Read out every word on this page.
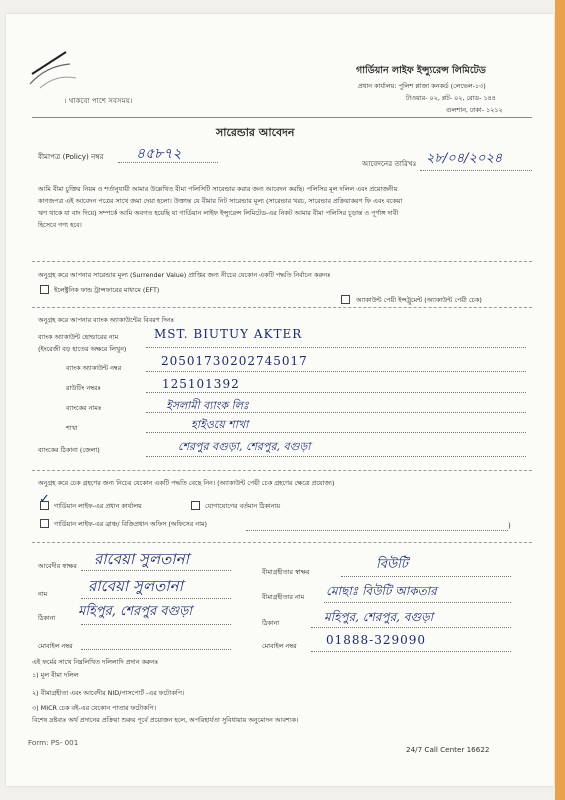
। থাকবো পাশে সবসময়।
গার্ডিয়ান লাইফ ইন্স্যুরেন্স লিমিটেড
প্রধান কার্যালয়: পুলিশ প্লাজা কনকর্ড (লেভেল-১৩)
টাওয়ার- ০২, প্লট- ০২, রোড- ১৪৪
গুলশান, ঢাকা- ১২১২
সারেন্ডার আবেদন
বীমাপত্র (Policy) নম্বর ৪৫৮৭২
আবেদনের তারিখঃ ২৮/০৪/২০২৪
আমি বীমা চুক্তির নিয়ম ও শর্তানুযায়ী আমার উল্লেখিত বীমা পলিসিটি সারেন্ডার করার জন্য আবেদন করছি। পলিসির মূল দলিল এবং প্রয়োজনীয়
কাগজপত্র এই আবেদন পত্রের সাথে জমা দেয়া হলো। উক্তান্ত যে বীমার নিট সারেন্ডার মূল্য (সারেন্ডার খরচ, সারেন্ডার প্রক্রিয়াকরণ ফি এবং বকেয়া
ঋণ থাকে যা বাদ দিয়ে) সম্পর্কে আমি অবগত হয়েছি যা গার্ডিয়ান লাইফ ইন্স্যুরেন্স লিমিটেড-এর নিকট আমার বীমা পলিসির চূড়ান্ত ও পূর্ণাঙ্গ দাবী
হিসেবে গণ্য হবে।
অনুগ্রহ করে আপনার সারেন্ডার মূল্য (Surrender Value) প্রাপ্তির জন্য নীচের যেকোন একটি পদ্ধতি নির্বাচন করুনঃ
ইলেক্ট্রনিক ফান্ড ট্রান্সফারের মাধ্যমে (EFT)
অ্যাকাউন্ট পেয়ী ইন্সট্রুমেন্ট (অ্যাকাউন্ট পেয়ী চেক)
অনুগ্রহ করে আপনার ব্যাংক অ্যাকাউন্টের বিবরণ দিনঃ
ব্যাংক অ্যাকাউন্ট হোল্ডারের নাম
(ইংরেজী বড় হাতের অক্ষরে লিখুন)
MST. BIUTUY AKTER
ব্যাংক অ্যাকাউন্ট নম্বর	20501730202745017
রাউটিং নম্বরঃ	125101392
ব্যাংকের নামঃ	ইসলামী ব্যাংক লিঃ
শাখা	হাইওয়ে শাখা
ব্যাংকের ঠিকানা (জেলা)	শেরপুর বগুড়া, শেরপুর, বগুড়া
অনুগ্রহ করে চেক গ্রহণের জন্য নিচের যেকোন একটি পদ্ধতি বেছে নিন। (অ্যাকাউন্ট পেয়ী চেক গ্রহণের ক্ষেত্রে প্রযোজ্য)
✓ গার্ডিয়ান লাইফ-এর প্রধান কার্যালয়	যোগাযোগের বর্তমান ঠিকানায়
গার্ডিয়ান লাইফ-এর ব্রাঞ্চ/ বিক্রিপ্রধান অফিস (অফিসের নাম)	)
আবেদীর স্বাক্ষর রাবেয়া সুলতানা
নাম	রাবেয়া সুলতানা
ঠিকানা মহিপুর, শেরপুর বগুড়া
মোবাইল নম্বর
বীমাগ্রহীতার স্বাক্ষর	বিউটি
বীমাগ্রহীতার নাম মোছাঃ বিউটি আকতার
ঠিকানা	মহিপুর, শেরপুর, বগুড়া
মোবাইল নম্বর 01888-329090
এই ফর্মের সাথে নিম্নলিখিত দলিলাদি প্রদান করুনঃ
১) মূল বীমা দলিল
২) বীমাগ্রহীতা এবং আবেদীর NID/পাসপোর্ট -এর ফটোকপি।
৩) MICR চেক বই-এর যেকোন পাতার ফটোকপি।
বিশেষ দ্রষ্টব্যঃ অর্থ প্রদানের প্রক্রিয়া শুরুর পূর্বে প্রয়োজন হলে, অপরিহার্যতা সুবিধায়ায় অনুমোদন আবশ্যক।
Form: PS- 001
24/7 Call Center 16622
